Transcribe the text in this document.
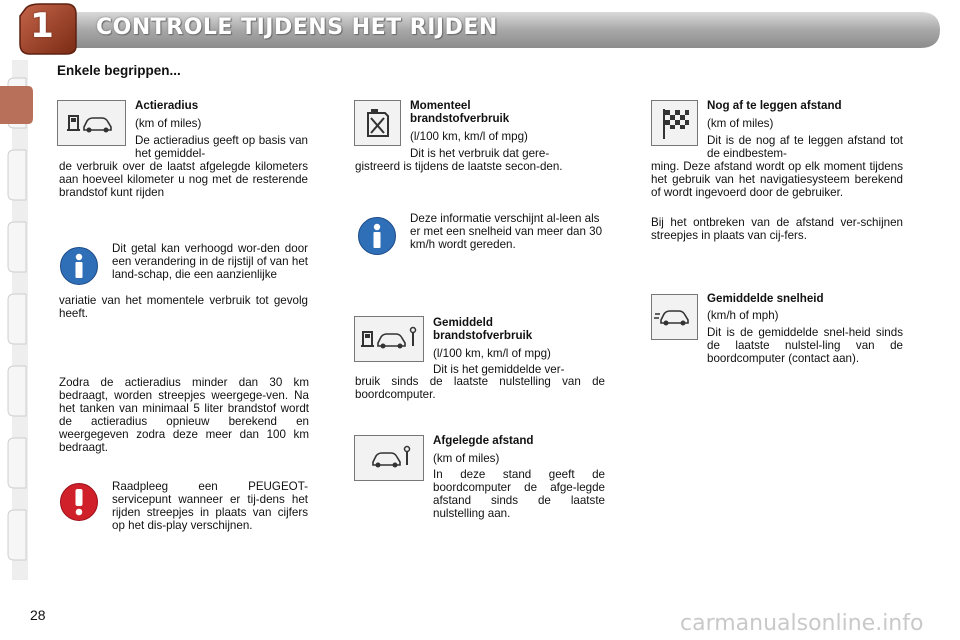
1 CONTROLE TIJDENS HET RIJDEN
Enkele begrippen...
Actieradius
(km of miles)
De actieradius geeft op basis van het gemiddel-
de verbruik over de laatst afgelegde kilometers aan hoeveel kilometer u nog met de resterende brandstof kunt rijden
Dit getal kan verhoogd wor-den door een verandering in de rijstijl of van het land-schap, die een aanzienlijke
variatie van het momentele verbruik tot gevolg heeft.
Zodra de actieradius minder dan 30 km bedraagt, worden streepjes weergege-ven. Na het tanken van minimaal 5 liter brandstof wordt de actieradius opnieuw berekend en weergegeven zodra deze meer dan 100 km bedraagt.
Raadpleeg een PEUGEOT-servicepunt wanneer er tij-dens het rijden streepjes in plaats van cijfers op het dis-play verschijnen.
Momenteel
brandstofverbruik
(l/100 km, km/l of mpg)
Dit is het verbruik dat gere-
gistreerd is tijdens de laatste secon-den.
Deze informatie verschijnt al-leen als er met een snelheid van meer dan 30 km/h wordt gereden.
Gemiddeld
brandstofverbruik
(l/100 km, km/l of mpg)
Dit is het gemiddelde ver-
bruik sinds de laatste nulstelling van de boordcomputer.
Afgelegde afstand
(km of miles)
In deze stand geeft de boordcomputer de afge-legde afstand sinds de laatste nulstelling aan.
Nog af te leggen afstand
(km of miles)
Dit is de nog af te leggen afstand tot de eindbestem-
ming. Deze afstand wordt op elk moment tijdens het gebruik van het navigatiesysteem berekend of wordt ingevoerd door de gebruiker.
Bij het ontbreken van de afstand ver-schijnen streepjes in plaats van cij-fers.
Gemiddelde snelheid
(km/h of mph)
Dit is de gemiddelde snel-heid sinds de laatste nulstel-ling van de boordcomputer (contact aan).
28	carmanualsonline.info
